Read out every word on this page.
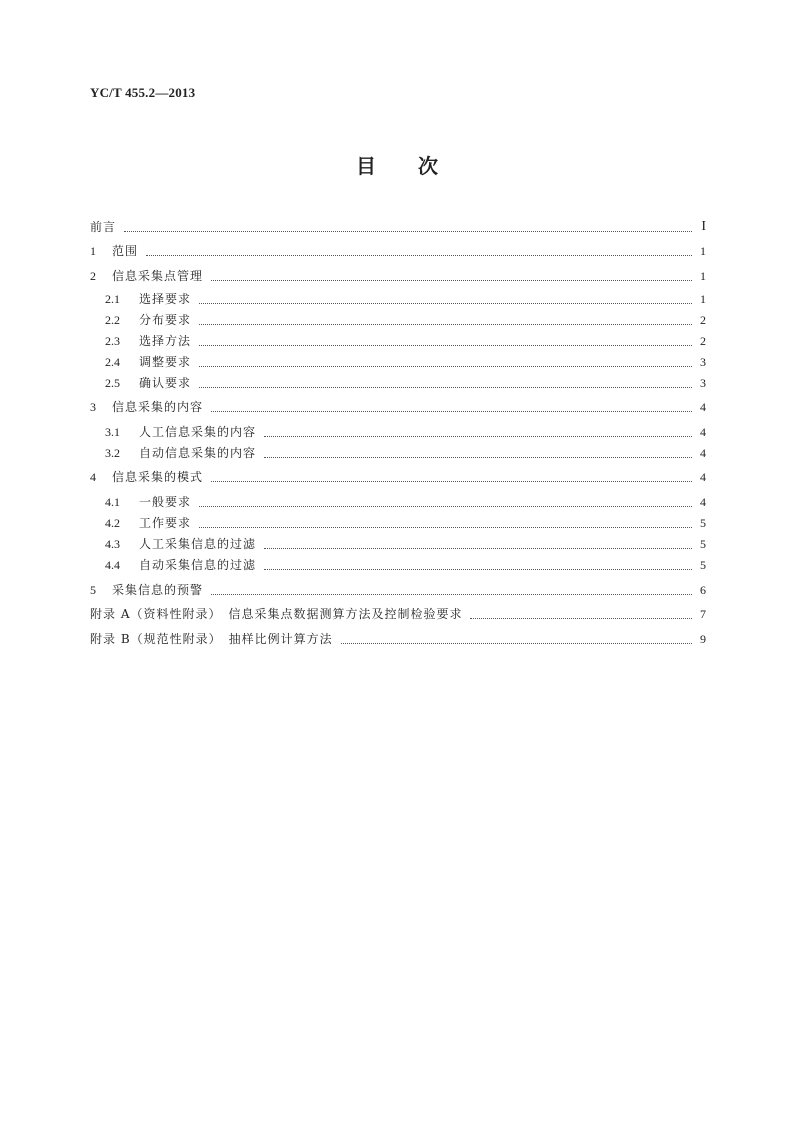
YC/T 455.2—2013
目 次
前言	I
1	范围	1
2	信息采集点管理	1
2.1	选择要求	1
2.2	分布要求	2
2.3	选择方法	2
2.4	调整要求	3
2.5	确认要求	3
3	信息采集的内容	4
3.1	人工信息采集的内容	4
3.2	自动信息采集的内容	4
4	信息采集的模式	4
4.1	一般要求	4
4.2	工作要求	5
4.3	人工采集信息的过滤	5
4.4	自动采集信息的过滤	5
5	采集信息的预警	6
附录 A（资料性附录）　信息采集点数据测算方法及控制检验要求	7
附录 B（规范性附录）　抽样比例计算方法	9
